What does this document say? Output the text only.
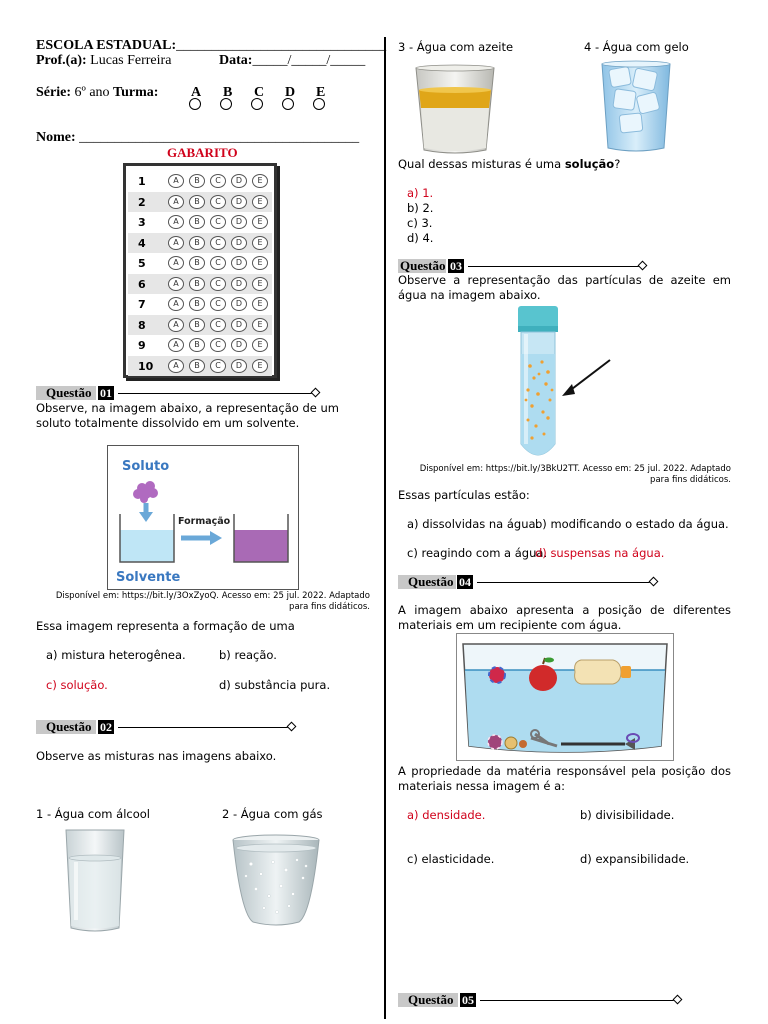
ESCOLA ESTADUAL:______________________________
Prof.(a): Lucas Ferreira	Data:_____/_____/_____
Série: 6º ano Turma: A B C D E
Nome: ________________________________________
GABARITO
1	A	B	C	D	E
2	A	B	C	D	E
3	A	B	C	D	E
4	A	B	C	D	E
5	A	B	C	D	E
6	A	B	C	D	E
7	A	B	C	D	E
8	A	B	C	D	E
9	A	B	C	D	E
10	A	B	C	D	E
Questão 01
Observe, na imagem abaixo, a representação de um soluto totalmente dissolvido em um solvente.
Soluto
Formação
Solvente
Disponível em: https://bit.ly/3OxZyoQ. Acesso em: 25 jul. 2022. Adaptado para fins didáticos.
Essa imagem representa a formação de uma
a) mistura heterogênea.	b) reação.
c) solução.	d) substância pura.
Questão 02
Observe as misturas nas imagens abaixo.
1 - Água com álcool	2 - Água com gás
3 - Água com azeite	4 - Água com gelo
Qual dessas misturas é uma solução?
a) 1.
b) 2.
c) 3.
d) 4.
Questão 03
Observe a representação das partículas de azeite em água na imagem abaixo.
Disponível em: https://bit.ly/3BkU2TT. Acesso em: 25 jul. 2022. Adaptado para fins didáticos.
Essas partículas estão:
a) dissolvidas na água.
b) modificando o estado da água.
c) reagindo com a água.
d) suspensas na água.
Questão 04
A imagem abaixo apresenta a posição de diferentes materiais em um recipiente com água.
A propriedade da matéria responsável pela posição dos materiais nessa imagem é a:
a) densidade.	b) divisibilidade.
c) elasticidade.	d) expansibilidade.
Questão 05
